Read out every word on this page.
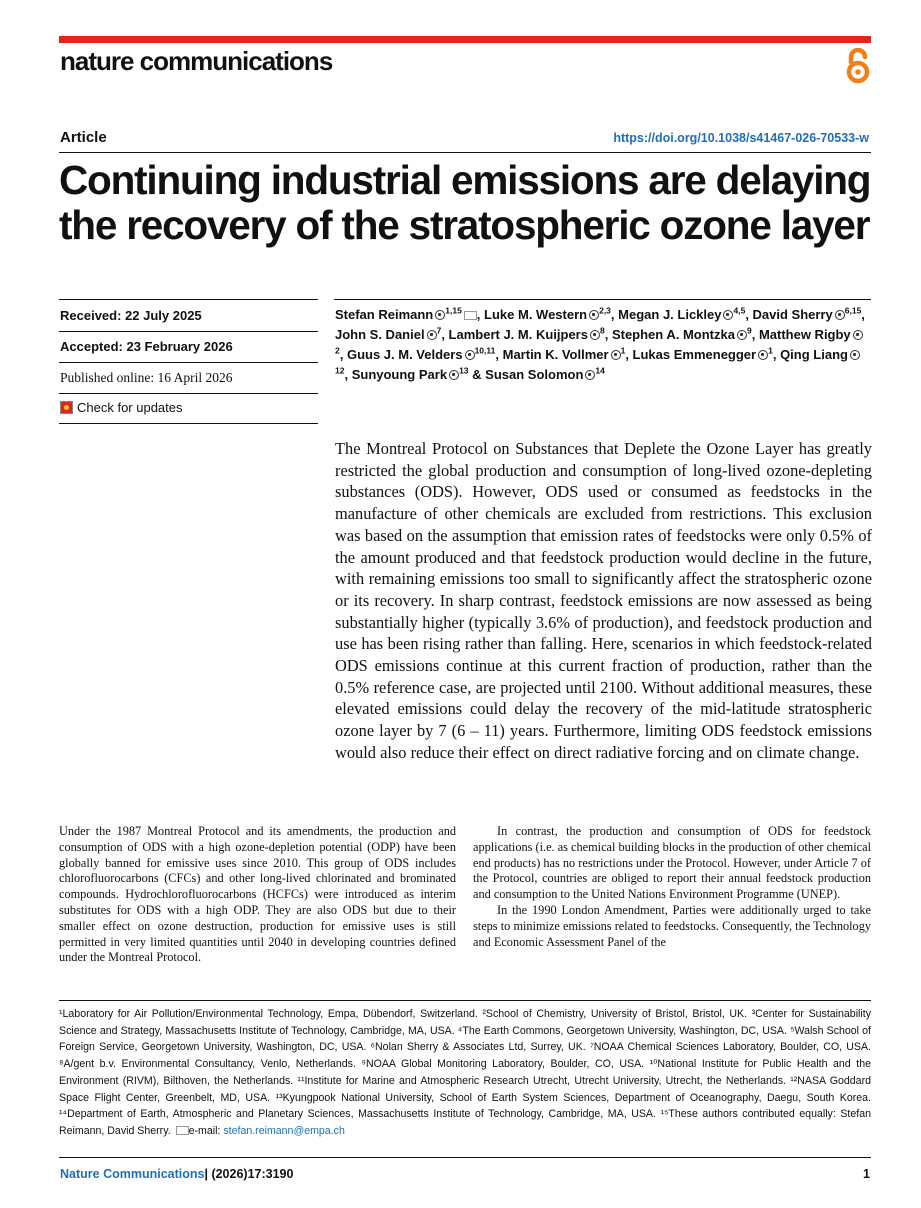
nature communications
Article	https://doi.org/10.1038/s41467-026-70533-w
Continuing industrial emissions are delaying the recovery of the stratospheric ozone layer
Received: 22 July 2025
Accepted: 23 February 2026
Published online: 16 April 2026
Check for updates
Stefan Reimann $^{1,15}$ , Luke M. Western $^{2,3}$, Megan J. Lickley $^{4,5}$, David Sherry $^{6,15}$, John S. Daniel $^7$, Lambert J. M. Kuijpers $^8$, Stephen A. Montzka $^9$, Matthew Rigby$^2$, Guus J. M. Velders $^{10,11}$, Martin K. Vollmer $^1$, Lukas Emmenegger $^1$, Qing Liang$^{12}$, Sunyoung Park $^{13}$ & Susan Solomon $^{14}$

The Montreal Protocol on Substances that Deplete the Ozone Layer has greatly restricted the global production and consumption of long-lived ozone-depleting substances (ODS). However, ODS used or consumed as feedstocks in the manufacture of other chemicals are excluded from restrictions. This exclusion was based on the assumption that emission rates of feedstocks were only 0.5% of the amount produced and that feedstock production would decline in the future, with remaining emissions too small to significantly affect the stratospheric ozone or its recovery. In sharp contrast, feedstock emissions are now assessed as being substantially higher (typically 3.6% of production), and feedstock production and use has been rising rather than falling. Here, scenarios in which feedstock-related ODS emissions continue at this current fraction of production, rather than the 0.5% reference case, are projected until 2100. Without additional measures, these elevated emissions could delay the recovery of the mid-latitude stratospheric ozone layer by 7 (6 – 11) years. Furthermore, limiting ODS feedstock emissions would also reduce their effect on direct radiative forcing and on climate change.

Under the 1987 Montreal Protocol and its amendments, the production and consumption of ODS with a high ozone-depletion potential (ODP) have been globally banned for emissive uses since 2010. This group of ODS includes chlorofluorocarbons (CFCs) and other long-lived chlorinated and brominated compounds. Hydrochlorofluorocarbons (HCFCs) were introduced as interim substitutes for ODS with a high ODP. They are also ODS but due to their smaller effect on ozone destruction, production for emissive uses is still permitted in very limited quantities until 2040 in developing countries defined under the Montreal Protocol.

In contrast, the production and consumption of ODS for feedstock applications (i.e. as chemical building blocks in the production of other chemical end products) has no restrictions under the Protocol. However, under Article 7 of the Protocol, countries are obliged to report their annual feedstock production and consumption to the United Nations Environment Programme (UNEP).

In the 1990 London Amendment, Parties were additionally urged to take steps to minimize emissions related to feedstocks. Consequently, the Technology and Economic Assessment Panel of the

¹Laboratory for Air Pollution/Environmental Technology, Empa, Dübendorf, Switzerland. ²School of Chemistry, University of Bristol, Bristol, UK. ³Center for Sustainability Science and Strategy, Massachusetts Institute of Technology, Cambridge, MA, USA. ⁴The Earth Commons, Georgetown University, Washington, DC, USA. ⁵Walsh School of Foreign Service, Georgetown University, Washington, DC, USA. ⁶Nolan Sherry & Associates Ltd, Surrey, UK. ⁷NOAA Chemical Sciences Laboratory, Boulder, CO, USA. ⁸A/gent b.v. Environmental Consultancy, Venlo, Netherlands. ⁹NOAA Global Monitoring Laboratory, Boulder, CO, USA. ¹⁰National Institute for Public Health and the Environment (RIVM), Bilthoven, the Netherlands. ¹¹Institute for Marine and Atmospheric Research Utrecht, Utrecht University, Utrecht, the Netherlands. ¹²NASA Goddard Space Flight Center, Greenbelt, MD, USA. ¹³Kyungpook National University, School of Earth System Sciences, Department of Oceanography, Daegu, South Korea. ¹⁴Department of Earth, Atmospheric and Planetary Sciences, Massachusetts Institute of Technology, Cambridge, MA, USA. ¹⁵These authors contributed equally: Stefan Reimann, David Sherry. e-mail: stefan.reimann@empa.ch

Nature Communications| (2026)17:3190	1
